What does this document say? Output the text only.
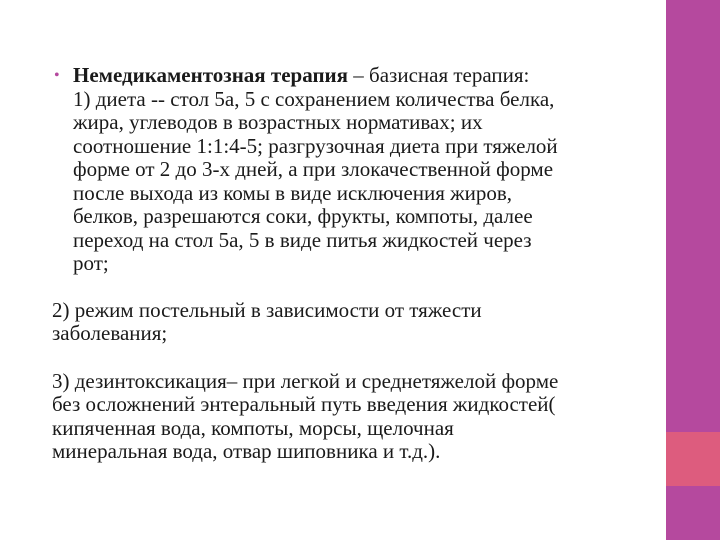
• Немедикаментозная терапия – базисная терапия:
1) диета -- стол 5а, 5 с сохранением количества белка,
жира, углеводов в возрастных нормативах; их
соотношение 1:1:4-5; разгрузочная диета при тяжелой
форме от 2 до 3-х дней, а при злокачественной форме
после выхода из комы в виде исключения жиров,
белков, разрешаются соки, фрукты, компоты, далее
переход на стол 5а, 5 в виде питья жидкостей через
рот;
2) режим постельный в зависимости от тяжести
заболевания;
3) дезинтоксикация– при легкой и среднетяжелой форме
без осложнений энтеральный путь введения жидкостей(
кипяченная вода, компоты, морсы, щелочная
минеральная вода, отвар шиповника и т.д.).
